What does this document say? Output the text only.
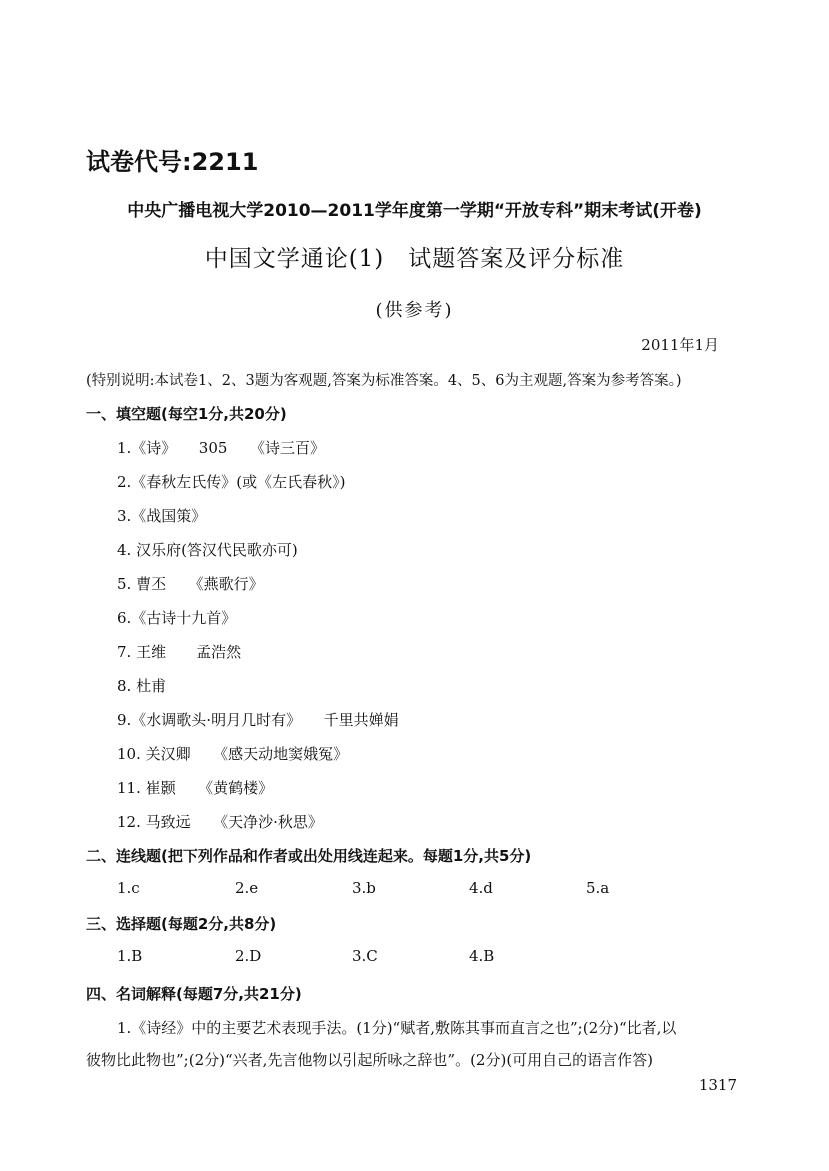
试卷代号:2211
中央广播电视大学2010—2011学年度第一学期“开放专科”期末考试(开卷)
中国文学通论(1)　试题答案及评分标准
(供参考)
2011年1月
(特别说明:本试卷1、2、3题为客观题,答案为标准答案。4、5、6为主观题,答案为参考答案。)
一、填空题(每空1分,共20分)
1.《诗》　　305　　《诗三百》
2.《春秋左氏传》(或《左氏春秋》)
3.《战国策》
4. 汉乐府(答汉代民歌亦可)
5. 曹丕　　《燕歌行》
6.《古诗十九首》
7. 王维　　孟浩然
8. 杜甫
9.《水调歌头·明月几时有》　　千里共婵娟
10. 关汉卿　　《感天动地窦娥冤》
11. 崔颢　　《黄鹤楼》
12. 马致远　　《天净沙·秋思》
二、连线题(把下列作品和作者或出处用线连起来。每题1分,共5分)
1.c	2.e	3.b	4.d	5.a
三、选择题(每题2分,共8分)
1.B	2.D	3.C	4.B
四、名词解释(每题7分,共21分)
1.《诗经》中的主要艺术表现手法。(1分)“赋者,敷陈其事而直言之也”;(2分)“比者,以
彼物比此物也”;(2分)“兴者,先言他物以引起所咏之辞也”。(2分)(可用自己的语言作答)
1317
